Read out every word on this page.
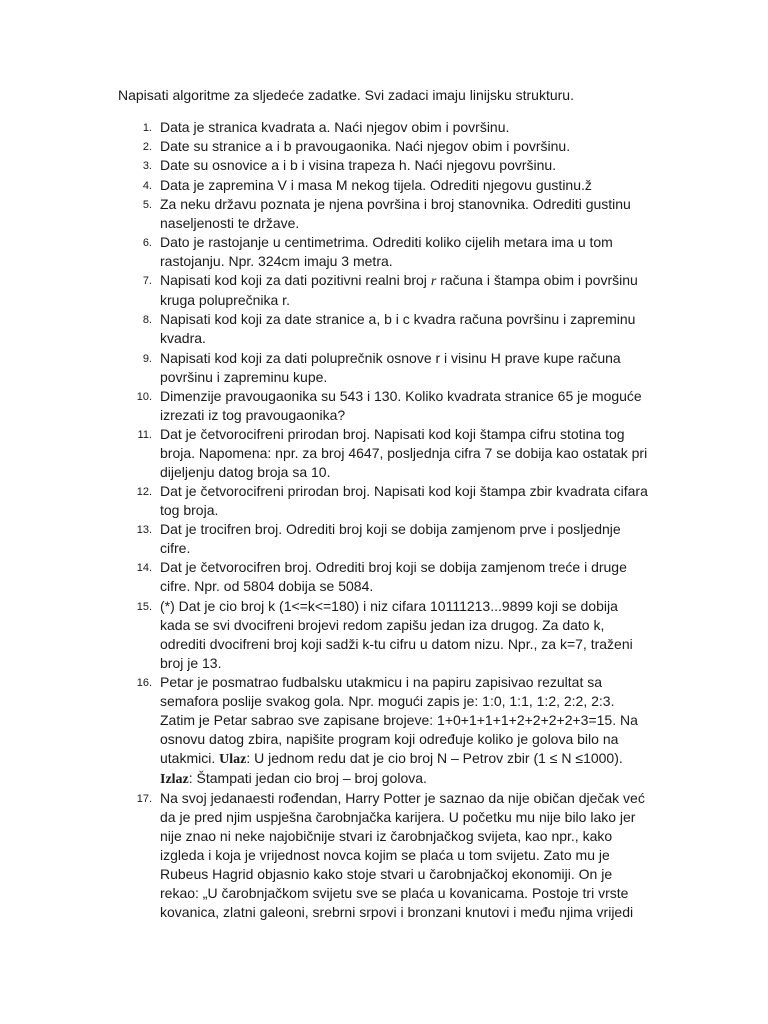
Napisati algoritme za sljedeće zadatke. Svi zadaci imaju linijsku strukturu.
1. Data je stranica kvadrata a. Naći njegov obim i površinu.
2. Date su stranice a i b pravougaonika. Naći njegov obim i površinu.
3. Date su osnovice a i b i visina trapeza h. Naći njegovu površinu.
4. Data je zapremina V i masa M nekog tijela. Odrediti njegovu gustinu.ž
5. Za neku državu poznata je njena površina i broj stanovnika. Odrediti gustinu naseljenosti te države.
6. Dato je rastojanje u centimetrima. Odrediti koliko cijelih metara ima u tom rastojanju. Npr. 324cm imaju 3 metra.
7. Napisati kod koji za dati pozitivni realni broj r računa i štampa obim i površinu kruga poluprečnika r.
8. Napisati kod koji za date stranice a, b i c kvadra računa površinu i zapreminu kvadra.
9. Napisati kod koji za dati poluprečnik osnove r i visinu H prave kupe računa površinu i zapreminu kupe.
10. Dimenzije pravougaonika su 543 i 130. Koliko kvadrata stranice 65 je moguće izrezati iz tog pravougaonika?
11. Dat je četvorocifreni prirodan broj. Napisati kod koji štampa cifru stotina tog broja. Napomena: npr. za broj 4647, posljednja cifra 7 se dobija kao ostatak pri dijeljenju datog broja sa 10.
12. Dat je četvorocifreni prirodan broj. Napisati kod koji štampa zbir kvadrata cifara tog broja.
13. Dat je trocifren broj. Odrediti broj koji se dobija zamjenom prve i posljednje cifre.
14. Dat je četvorocifren broj. Odrediti broj koji se dobija zamjenom treće i druge cifre. Npr. od 5804 dobija se 5084.
15. (*) Dat je cio broj k (1<=k<=180) i niz cifara 10111213...9899 koji se dobija kada se svi dvocifreni brojevi redom zapišu jedan iza drugog. Za dato k, odrediti dvocifreni broj koji sadži k-tu cifru u datom nizu. Npr., za k=7, traženi broj je 13.
16. Petar je posmatrao fudbalsku utakmicu i na papiru zapisivao rezultat sa semafora poslije svakog gola. Npr. mogući zapis je: 1:0, 1:1, 1:2, 2:2, 2:3. Zatim je Petar sabrao sve zapisane brojeve: 1+0+1+1+1+2+2+2+2+3=15. Na osnovu datog zbira, napišite program koji određuje koliko je golova bilo na utakmici. Ulaz: U jednom redu dat je cio broj N – Petrov zbir (1 ≤ N ≤1000).
Izlaz: Štampati jedan cio broj – broj golova.
17. Na svoj jedanaesti rođendan, Harry Potter je saznao da nije običan dječak već da je pred njim uspješna čarobnjačka karijera. U početku mu nije bilo lako jer nije znao ni neke najobičnije stvari iz čarobnjačkog svijeta, kao npr., kako izgleda i koja je vrijednost novca kojim se plaća u tom svijetu. Zato mu je Rubeus Hagrid objasnio kako stoje stvari u čarobnjačkoj ekonomiji. On je rekao: „U čarobnjačkom svijetu sve se plaća u kovanicama. Postoje tri vrste kovanica, zlatni galeoni, srebrni srpovi i bronzani knutovi i među njima vrijedi
